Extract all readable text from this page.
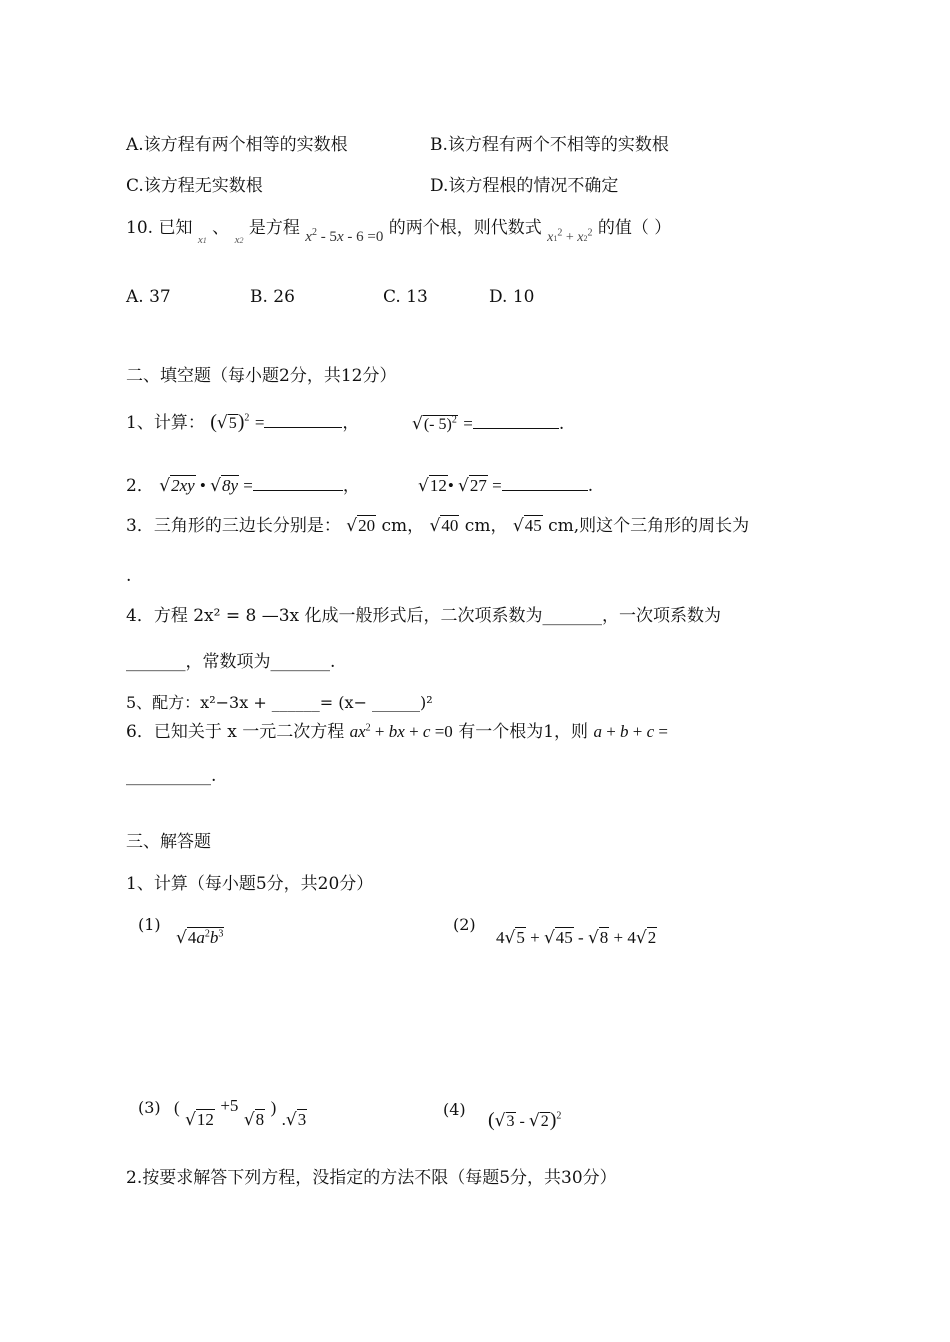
A.该方程有两个相等的实数根	B.该方程有两个不相等的实数根
C.该方程无实数根	D.该方程根的情况不确定
10. 已知 $_{x1}$ 、 $_{x2}$ 是方程 $x^2 - 5x - 6 =0$ 的两个根，则代数式 $_{x1^2 + x2^2}$ 的值（ ）
A. 37	B. 26	C. 13	D. 10
二、填空题（每小题2分，共12分）
1、计算： $(√5)^2$ =	，	√(- 5)$^2$ =	.
2． √2xy • √8y =	，	√12• √27 =	.
3．三角形的三边长分别是： √20 cm， √40 cm， √45 cm,则这个三角形的周长为
.
4．方程 2x² = 8 —3x 化成一般形式后，二次项系数为_______，一次项系数为
_______，常数项为_______.
5、配方：x²−3x + ______= (x− ______)²
6．已知关于 x 一元二次方程 $ax^2$ + bx + c =0 有一个根为1，则 a + b + c =
__________.
三、解答题
1、计算（每小题5分，共20分）
(1)
$√4a^2b^3$	(2)
4√5 + √45 - √8 + 4√2
(3) ( √12 +5 √8 ) .√3
(4) (√3 - √2)$^2$
2.按要求解答下列方程，没指定的方法不限（每题5分，共30分）
